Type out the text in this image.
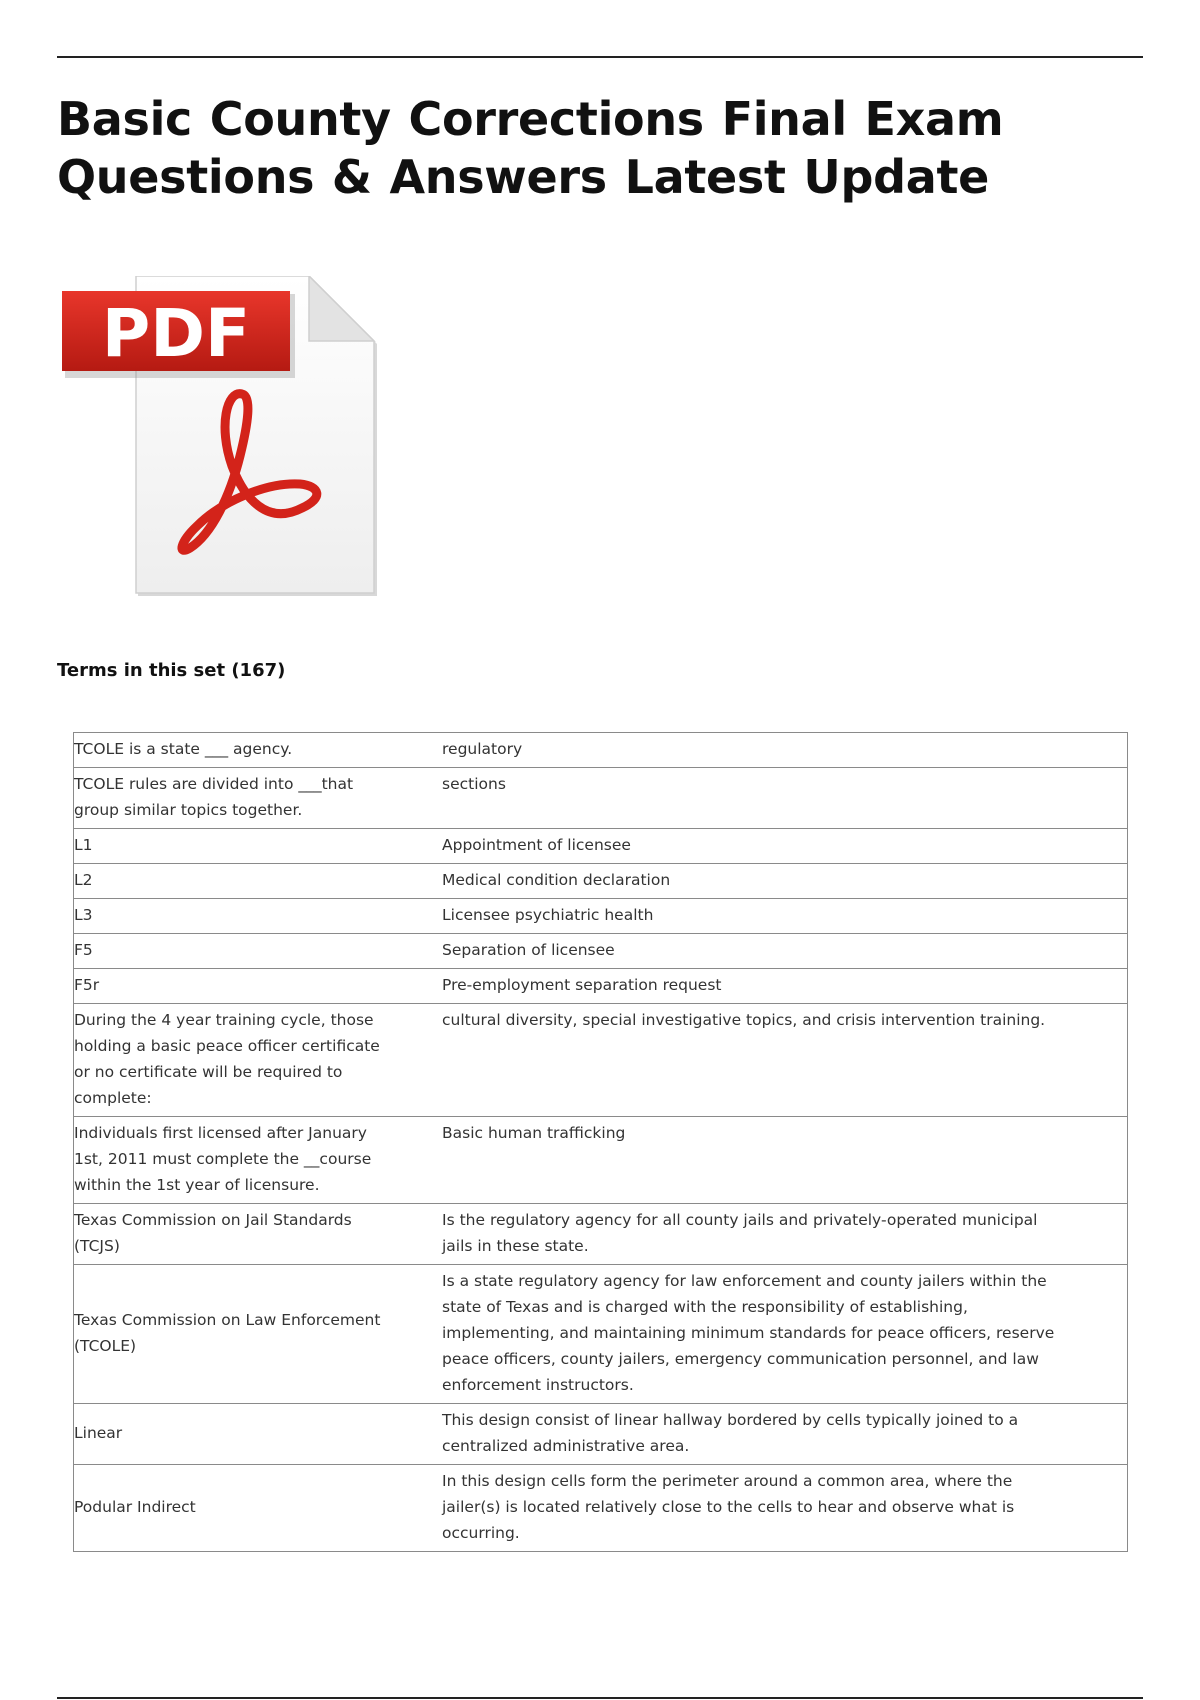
Basic County Corrections Final Exam Questions & Answers Latest Update
PDF
Terms in this set (167)
TCOLE is a state ___ agency.	regulatory
TCOLE rules are divided into ___that group similar topics together.	sections
L1	Appointment of licensee
L2	Medical condition declaration
L3	Licensee psychiatric health
F5	Separation of licensee
F5r	Pre-employment separation request
During the 4 year training cycle, those holding a basic peace officer certificate or no certificate will be required to complete:	cultural diversity, special investigative topics, and crisis intervention training.
Individuals first licensed after January 1st, 2011 must complete the __course within the 1st year of licensure.	Basic human trafficking
Texas Commission on Jail Standards (TCJS)	Is the regulatory agency for all county jails and privately-operated municipal jails in these state.
Texas Commission on Law Enforcement (TCOLE)	Is a state regulatory agency for law enforcement and county jailers within the state of Texas and is charged with the responsibility of establishing, implementing, and maintaining minimum standards for peace officers, reserve peace officers, county jailers, emergency communication personnel, and law enforcement instructors.
Linear	This design consist of linear hallway bordered by cells typically joined to a centralized administrative area.
Podular Indirect	In this design cells form the perimeter around a common area, where the jailer(s) is located relatively close to the cells to hear and observe what is occurring.
